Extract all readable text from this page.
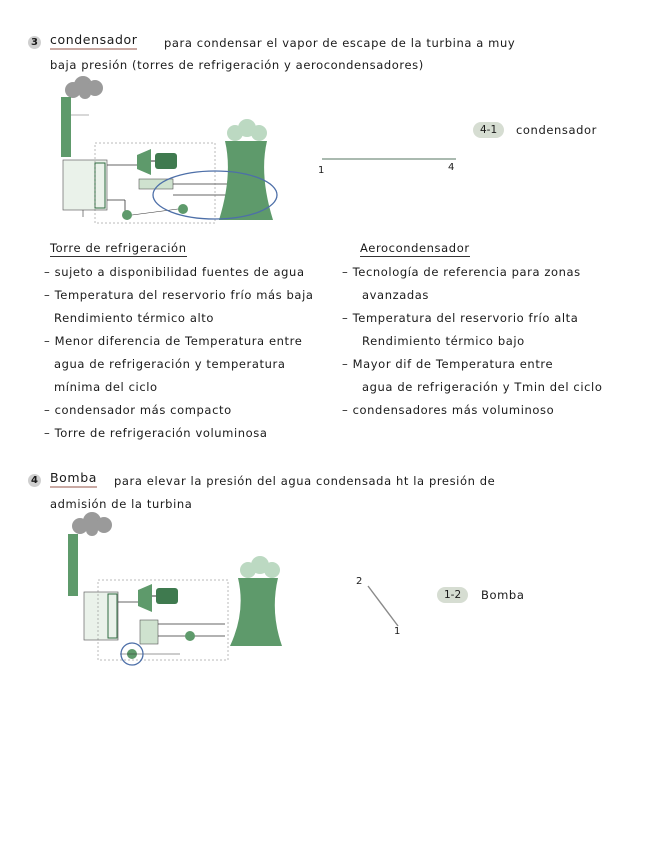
3 condensador para condensar el vapor de escape de la turbina a muy
baja presión (torres de refrigeración y aerocondensadores)
1	4
4-1	condensador
Torre de refrigeración
– sujeto a disponibilidad fuentes de agua
– Temperatura del reservorio frío más baja
Rendimiento térmico alto
– Menor diferencia de Temperatura entre
agua de refrigeración y temperatura
mínima del ciclo
– condensador más compacto
– Torre de refrigeración voluminosa
Aerocondensador
– Tecnología de referencia para zonas
avanzadas
– Temperatura del reservorio frío alta
Rendimiento térmico bajo
– Mayor dif de Temperatura entre
agua de refrigeración y Tmin del ciclo
– condensadores más voluminoso
4 Bomba para elevar la presión del agua condensada ht la presión de
admisión de la turbina
2
1
1-2	Bomba
